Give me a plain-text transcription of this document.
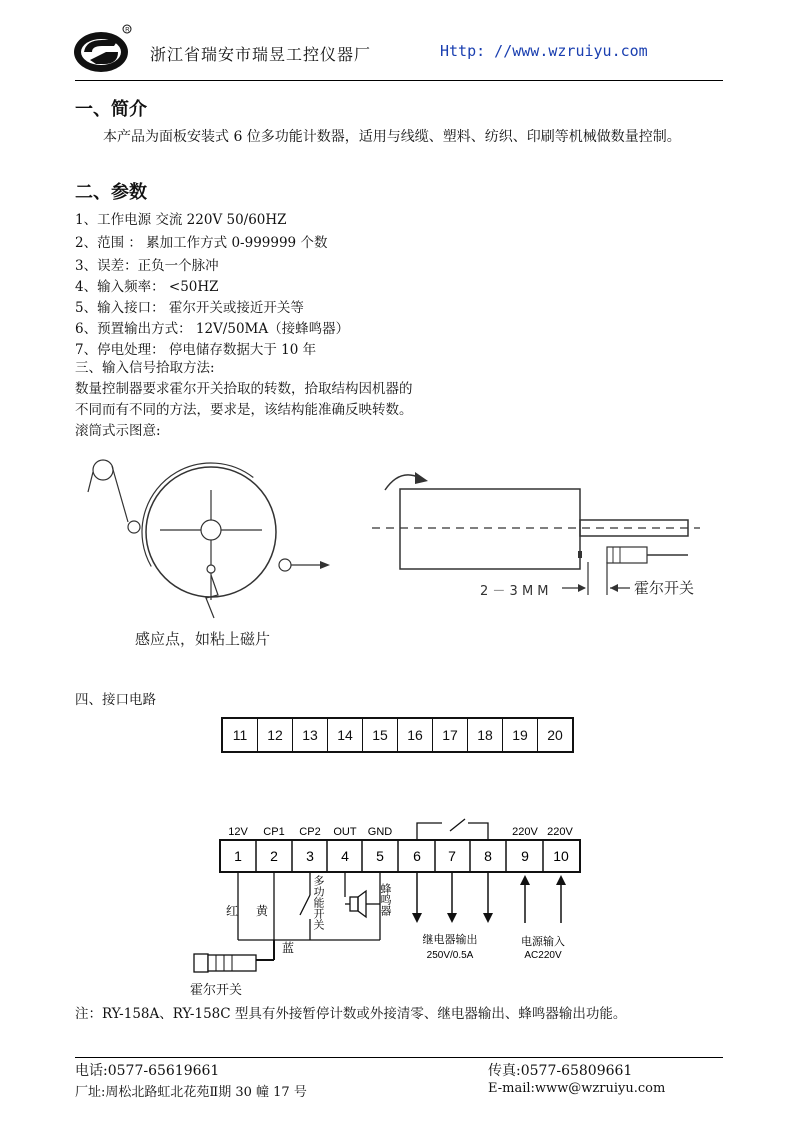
R
浙江省瑞安市瑞昱工控仪器厂	Http: //www.wzruiyu.com
一、简介
本产品为面板安装式 6 位多功能计数器，适用与线缆、塑料、纺织、印刷等机械做数量控制。
二、参数
1、工作电源 交流 220V 50/60HZ
2、范围 ： 累加工作方式 0-999999 个数
3、误差：正负一个脉冲
4、输入频率： <50HZ
5、输入接口： 霍尔开关或接近开关等
6、预置输出方式： 12V/50MA（接蜂鸣器）
7、停电处理： 停电储存数据大于 10 年
三、输入信号拾取方法:
数量控制器要求霍尔开关拾取的转数，拾取结构因机器的
不同而有不同的方法，要求是，该结构能准确反映转数。
滚筒式示图意:
感应点，如粘上磁片
2 － 3 M M	霍尔开关
四、接口电路
11	12	13	14	15	16	17	18	19	20
12V CP1 CP2 OUT GND	220V 220V
1 2 3 4 5 6 7 8 9 10
红 黄
蓝
多功能开关	蜂鸣器
继电器输出
250V/0.5A
电源输入
AC220V
霍尔开关
注：RY-158A、RY-158C 型具有外接暂停计数或外接清零、继电器输出、蜂鸣器输出功能。
电话:0577-65619661	传真:0577-65809661
厂址:周松北路虹北花苑Ⅱ期 30 幢 17 号	E-mail:www@wzruiyu.com
